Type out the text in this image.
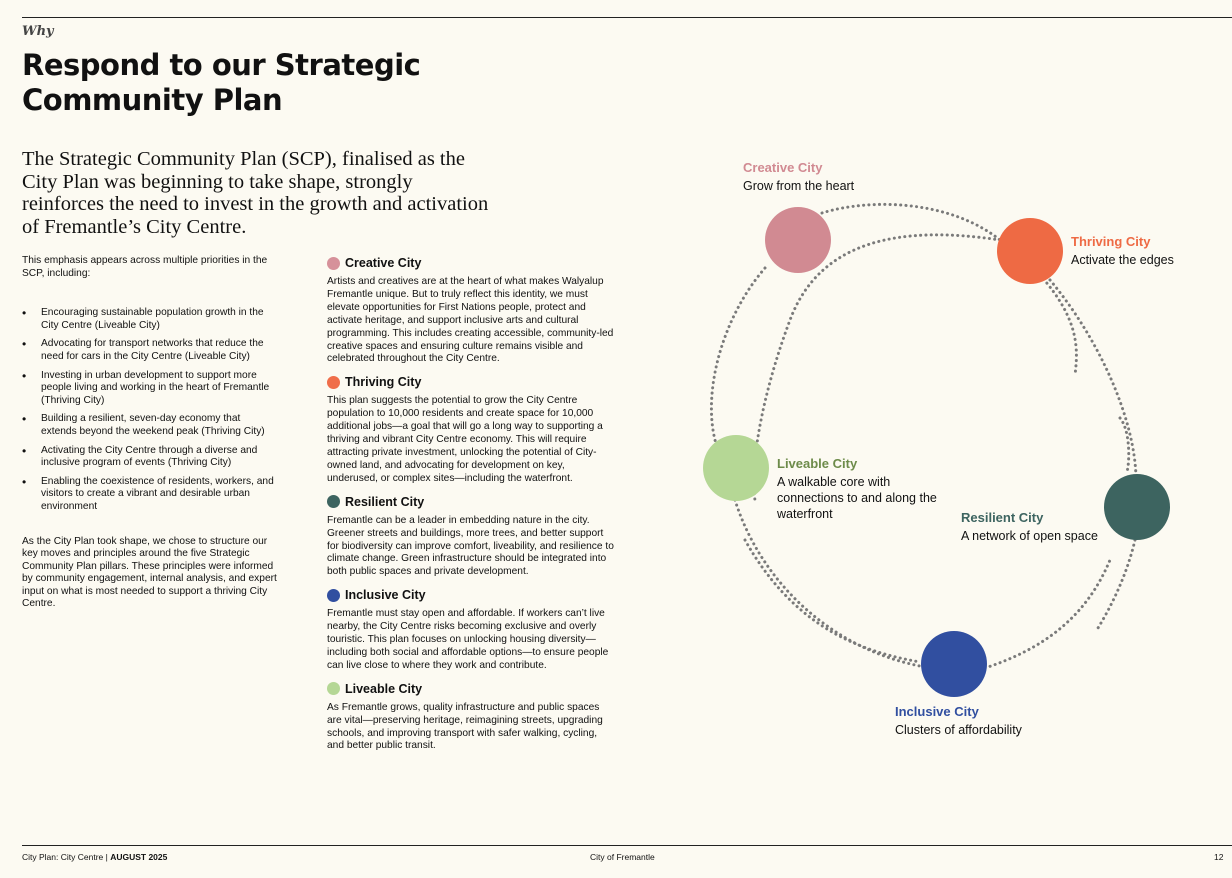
Why
Respond to our Strategic
Community Plan

The Strategic Community Plan (SCP), finalised as the City Plan was beginning to take shape, strongly reinforces the need to invest in the growth and activation of Fremantle’s City Centre.

This emphasis appears across multiple priorities in the SCP, including:

• Encouraging sustainable population growth in the City Centre (Liveable City)
• Advocating for transport networks that reduce the need for cars in the City Centre (Liveable City)
• Investing in urban development to support more people living and working in the heart of Fremantle (Thriving City)
• Building a resilient, seven-day economy that extends beyond the weekend peak (Thriving City)
• Activating the City Centre through a diverse and inclusive program of events (Thriving City)
• Enabling the coexistence of residents, workers, and visitors to create a vibrant and desirable urban environment

As the City Plan took shape, we chose to structure our key moves and principles around the five Strategic Community Plan pillars. These principles were informed by community engagement, internal analysis, and expert input on what is most needed to support a thriving City Centre.

Creative City

Artists and creatives are at the heart of what makes Walyalup Fremantle unique. But to truly reflect this identity, we must elevate opportunities for First Nations people, protect and activate heritage, and support inclusive arts and cultural programming. This includes creating accessible, community-led creative spaces and ensuring culture remains visible and celebrated throughout the City Centre.

Thriving City

This plan suggests the potential to grow the City Centre population to 10,000 residents and create space for 10,000 additional jobs—a goal that will go a long way to supporting a thriving and vibrant City Centre economy. This will require attracting private investment, unlocking the potential of City-owned land, and advocating for development on key, underused, or complex sites—including the waterfront.

Resilient City

Fremantle can be a leader in embedding nature in the city. Greener streets and buildings, more trees, and better support for biodiversity can improve comfort, liveability, and resilience to climate change. Green infrastructure should be integrated into both public spaces and private development.

Inclusive City

Fremantle must stay open and affordable. If workers can’t live nearby, the City Centre risks becoming exclusive and overly touristic. This plan focuses on unlocking housing diversity—including both social and affordable options—to ensure people can live close to where they work and contribute.

Liveable City

As Fremantle grows, quality infrastructure and public spaces are vital—preserving heritage, reimagining streets, upgrading schools, and improving transport with safer walking, cycling, and better public transit.

Creative City
Grow from the heart
Thriving City
Activate the edges
Liveable City
A walkable core with connections to and along the waterfront	Resilient City
A network of open space
Inclusive City
Clusters of affordability
City Plan: City Centre | AUGUST 2025	City of Fremantle	12
